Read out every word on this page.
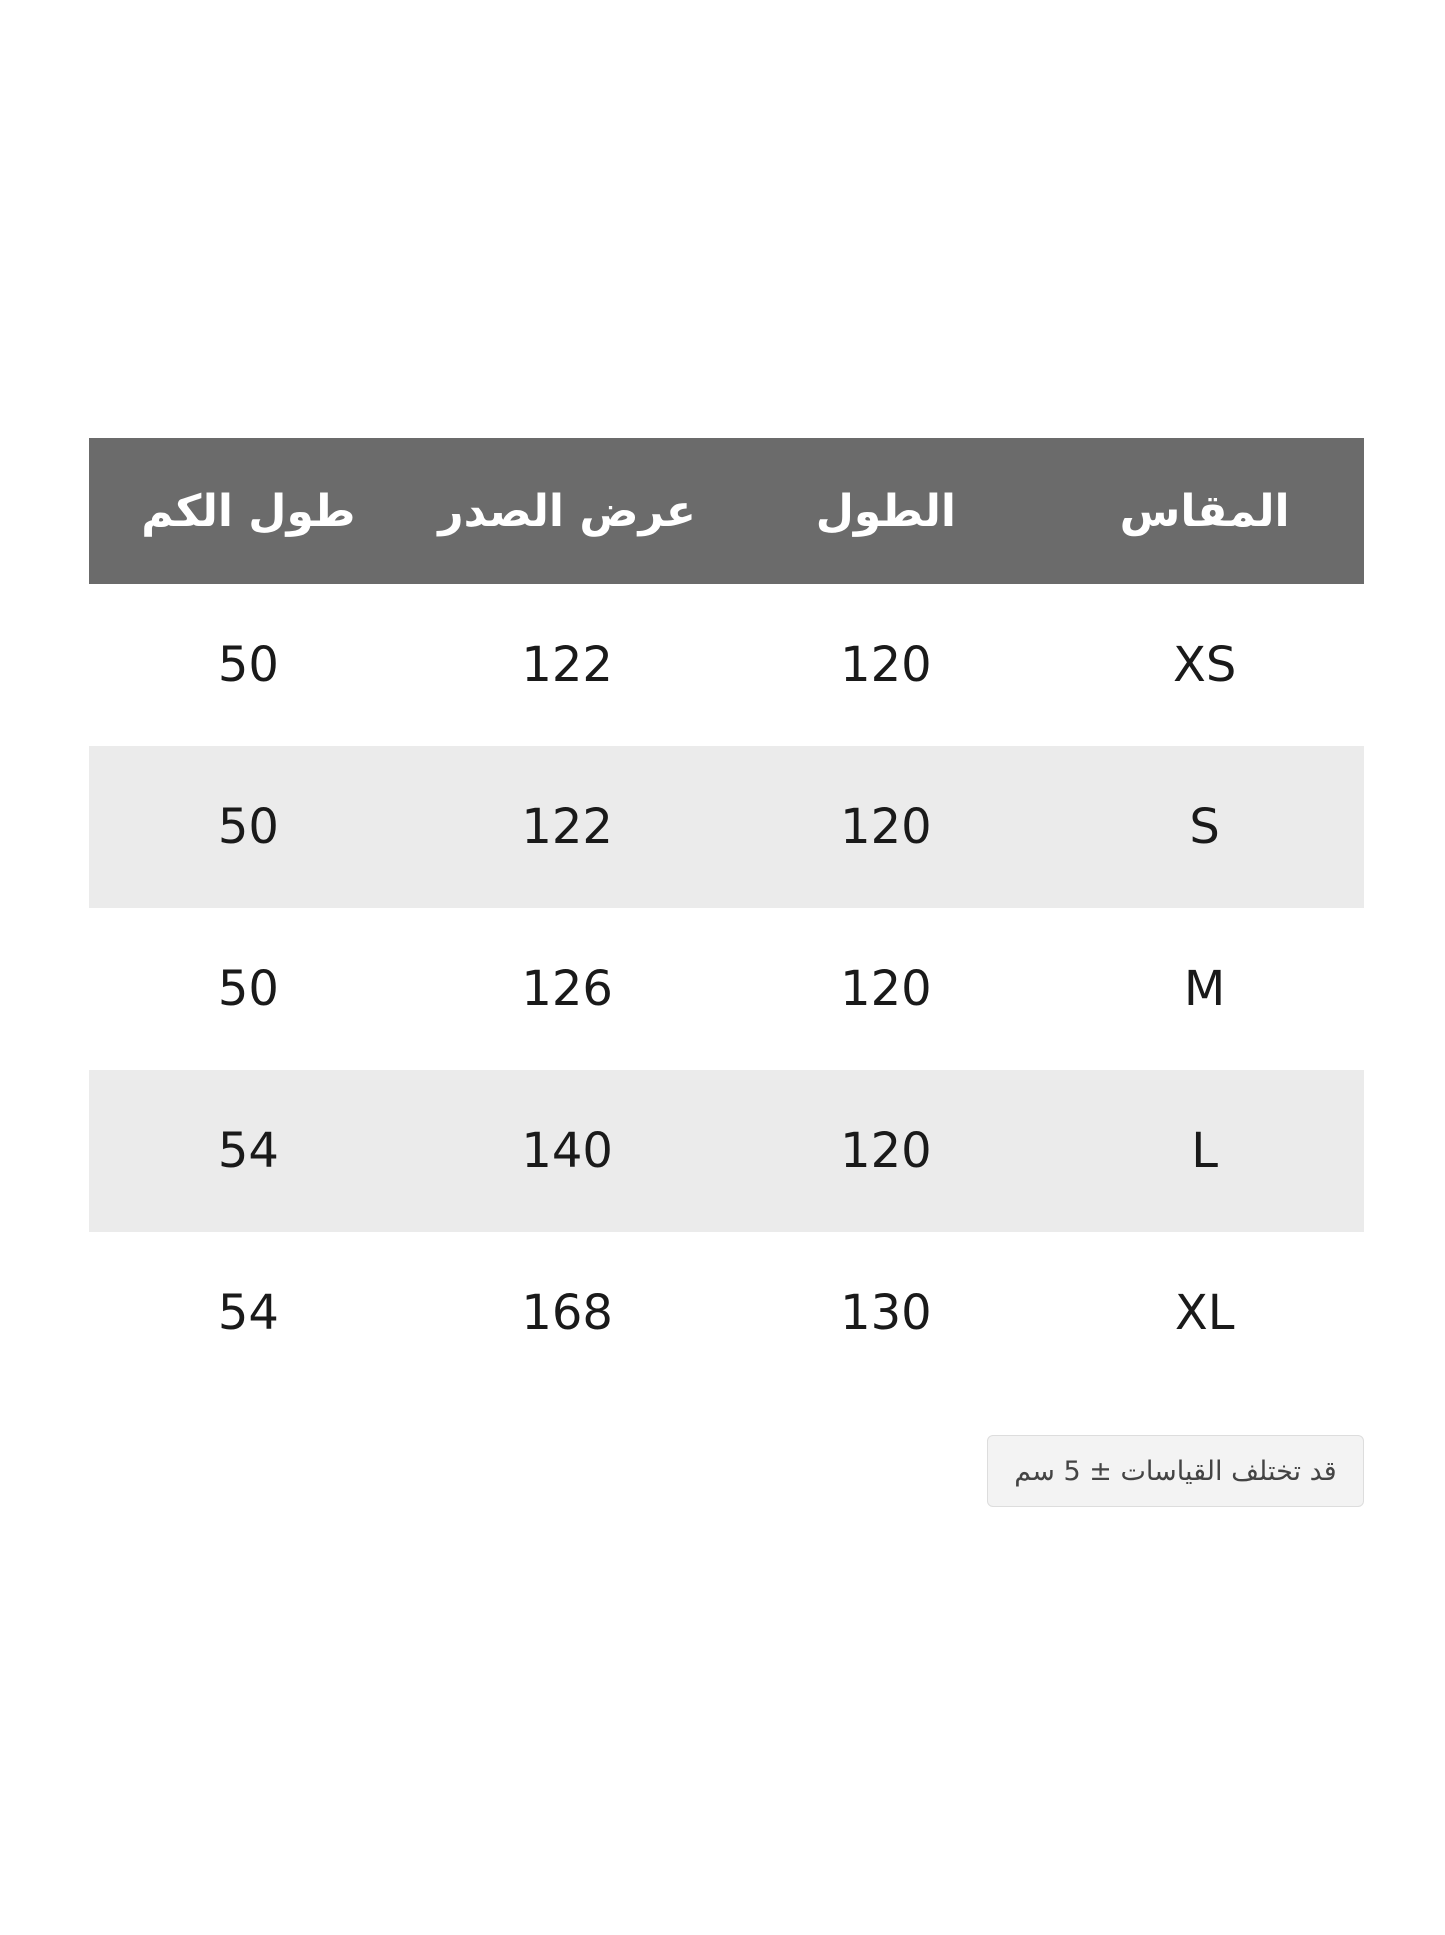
المقاس	الطول	عرض الصدر	طول الكم
XS	120	122	50
S	120	122	50
M	120	126	50
L	120	140	54
XL	130	168	54
قد تختلف القياسات ± 5 سم
